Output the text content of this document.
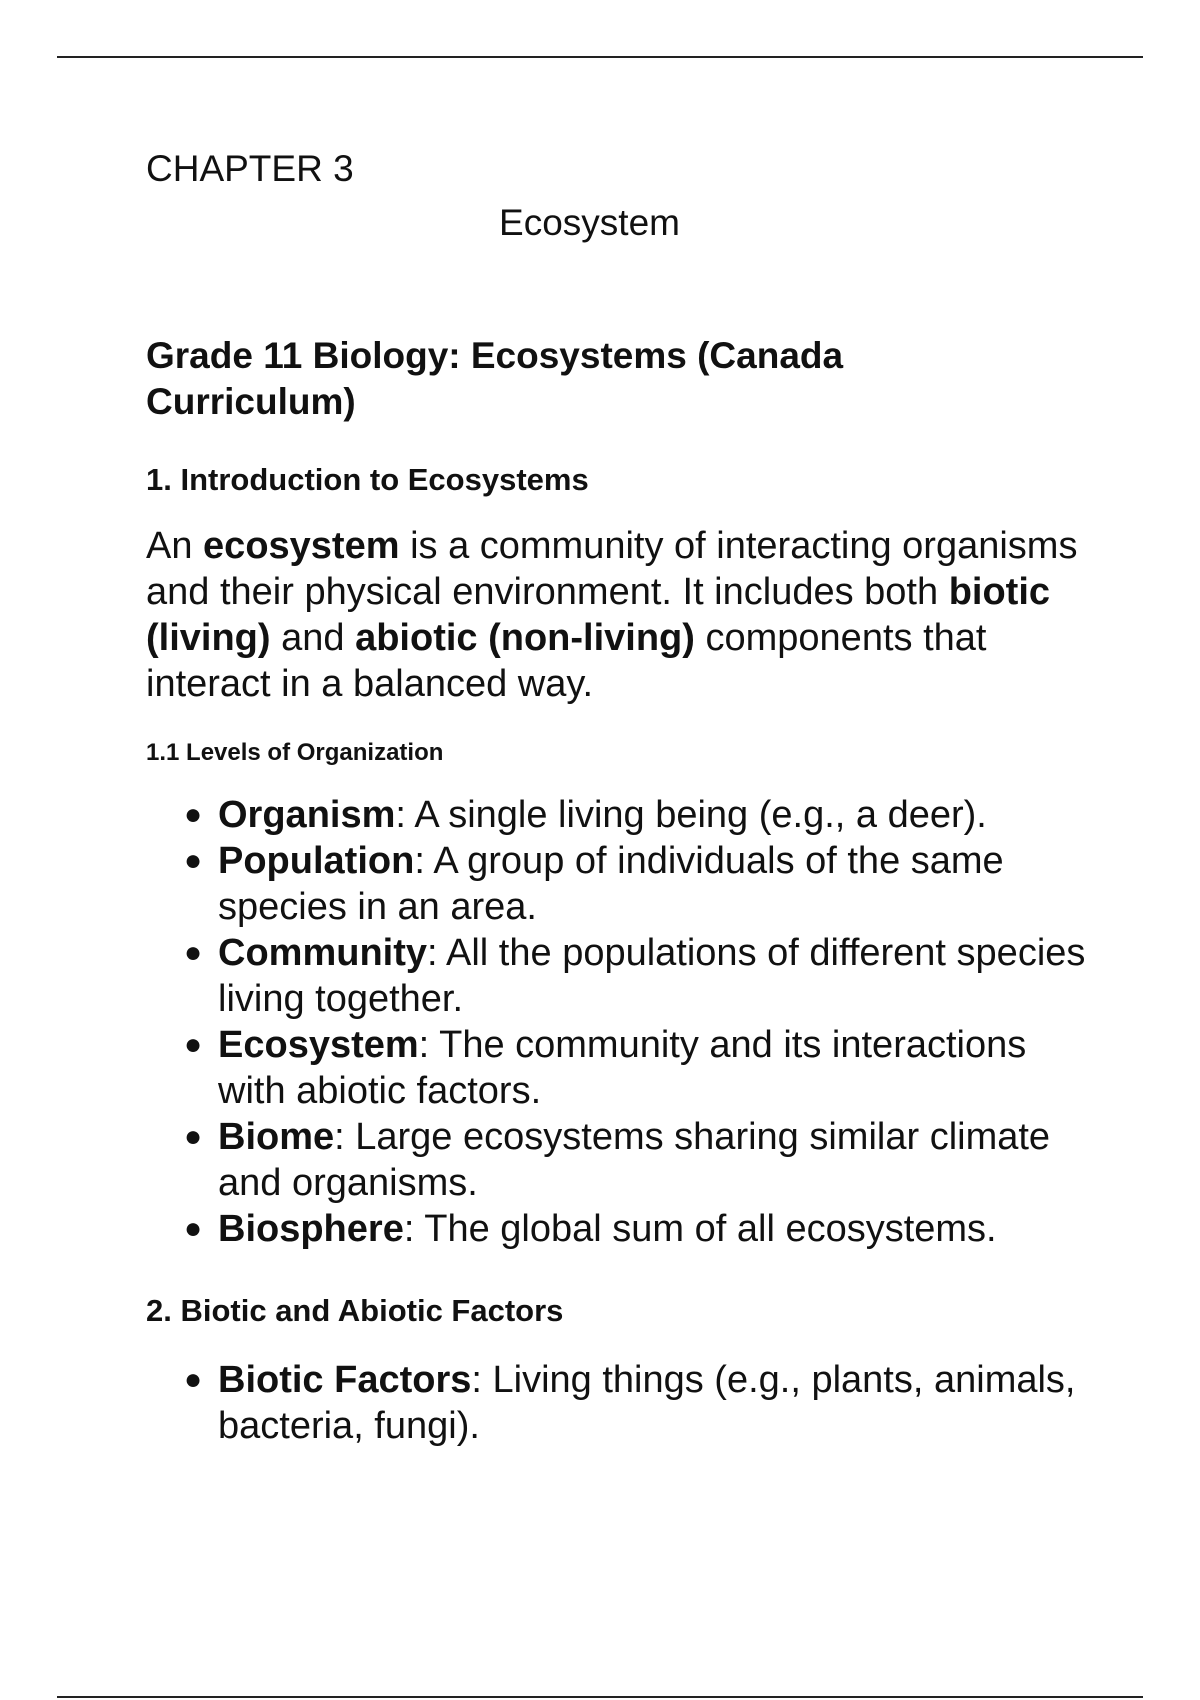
CHAPTER 3
Ecosystem
Grade 11 Biology: Ecosystems (Canada Curriculum)
1. Introduction to Ecosystems

An ecosystem is a community of interacting organisms and their physical environment. It includes both biotic (living) and abiotic (non-living) components that interact in a balanced way.

1.1 Levels of Organization
● Organism: A single living being (e.g., a deer).
● Population: A group of individuals of the same species in an area.
● Community: All the populations of different species living together.
● Ecosystem: The community and its interactions with abiotic factors.
● Biome: Large ecosystems sharing similar climate and organisms.
● Biosphere: The global sum of all ecosystems.
2. Biotic and Abiotic Factors
● Biotic Factors: Living things (e.g., plants, animals, bacteria, fungi).
